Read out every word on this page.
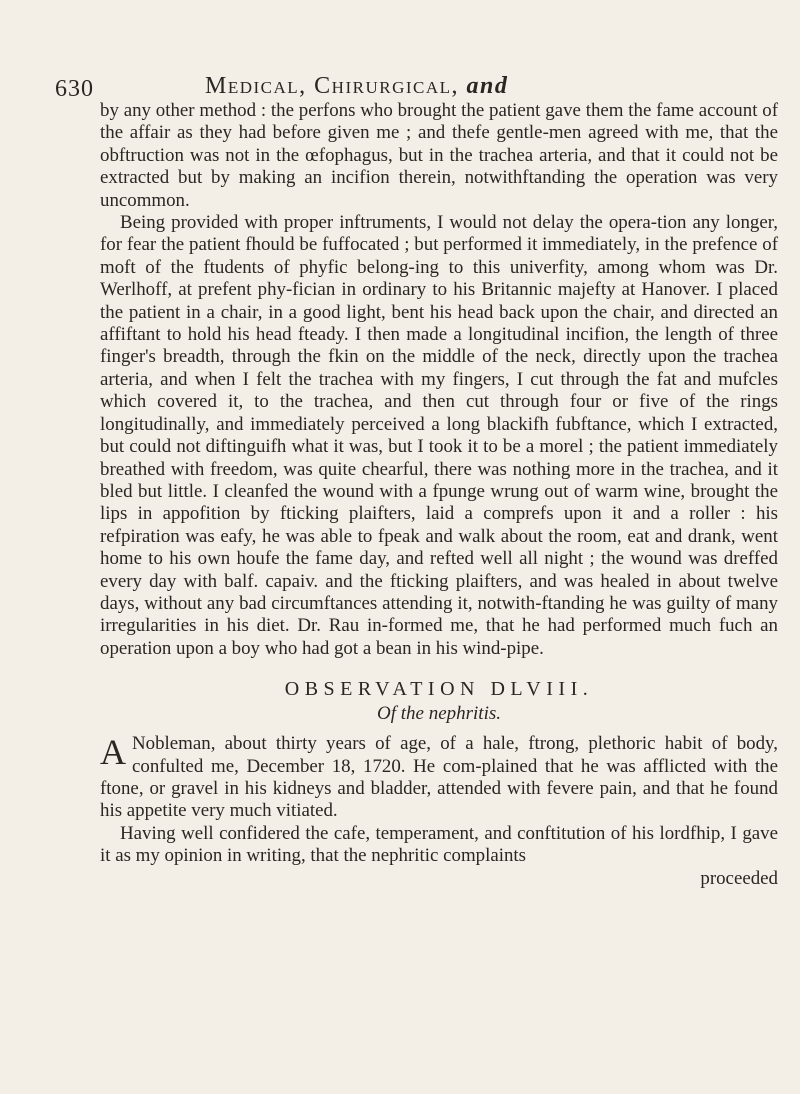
630	Medical, Chirurgical, and

by any other method : the perfons who brought the patient gave them the fame account of the affair as they had before given me ; and thefe gentle-men agreed with me, that the obftruction was not in the œfophagus, but in the trachea arteria, and that it could not be extracted but by making an incifion therein, notwithftanding the operation was very uncommon.

Being provided with proper inftruments, I would not delay the opera-tion any longer, for fear the patient fhould be fuffocated ; but performed it immediately, in the prefence of moft of the ftudents of phyfic belong-ing to this univerfity, among whom was Dr. Werlhoff, at prefent phy-fician in ordinary to his Britannic majefty at Hanover. I placed the patient in a chair, in a good light, bent his head back upon the chair, and directed an affiftant to hold his head fteady. I then made a longitudinal incifion, the length of three finger's breadth, through the fkin on the middle of the neck, directly upon the trachea arteria, and when I felt the trachea with my fingers, I cut through the fat and mufcles which covered it, to the trachea, and then cut through four or five of the rings longitudinally, and immediately perceived a long blackifh fubftance, which I extracted, but could not diftinguifh what it was, but I took it to be a morel ; the patient immediately breathed with freedom, was quite chearful, there was nothing more in the trachea, and it bled but little. I cleanfed the wound with a fpunge wrung out of warm wine, brought the lips in appofition by fticking plaifters, laid a comprefs upon it and a roller : his refpiration was eafy, he was able to fpeak and walk about the room, eat and drank, went home to his own houfe the fame day, and refted well all night ; the wound was dreffed every day with balf. capaiv. and the fticking plaifters, and was healed in about twelve days, without any bad circumftances attending it, notwith-ftanding he was guilty of many irregularities in his diet. Dr. Rau in-formed me, that he had performed much fuch an operation upon a boy who had got a bean in his wind-pipe.

OBSERVATION DLVIII.
Of the nephritis.

A Nobleman, about thirty years of age, of a hale, ftrong, plethoric habit of body, confulted me, December 18, 1720. He com-plained that he was afflicted with the ftone, or gravel in his kidneys and bladder, attended with fevere pain, and that he found his appetite very much vitiated.

Having well confidered the cafe, temperament, and conftitution of his lordfhip, I gave it as my opinion in writing, that the nephritic complaints

proceeded
